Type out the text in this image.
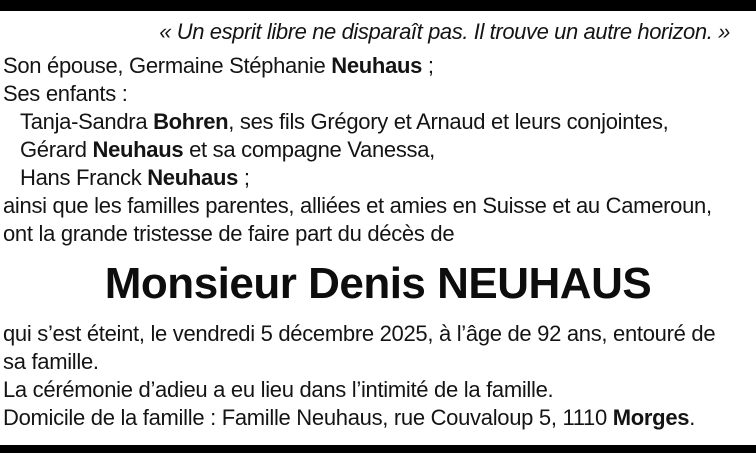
« Un esprit libre ne disparaît pas. Il trouve un autre horizon. »
Son épouse, Germaine Stéphanie Neuhaus ;
Ses enfants :
Tanja-Sandra Bohren, ses fils Grégory et Arnaud et leurs conjointes,
Gérard Neuhaus et sa compagne Vanessa,
Hans Franck Neuhaus ;
ainsi que les familles parentes, alliées et amies en Suisse et au Cameroun,
ont la grande tristesse de faire part du décès de
Monsieur Denis NEUHAUS
qui s’est éteint, le vendredi 5 décembre 2025, à l’âge de 92 ans, entouré de
sa famille.
La cérémonie d’adieu a eu lieu dans l’intimité de la famille.
Domicile de la famille : Famille Neuhaus, rue Couvaloup 5, 1110 Morges.
